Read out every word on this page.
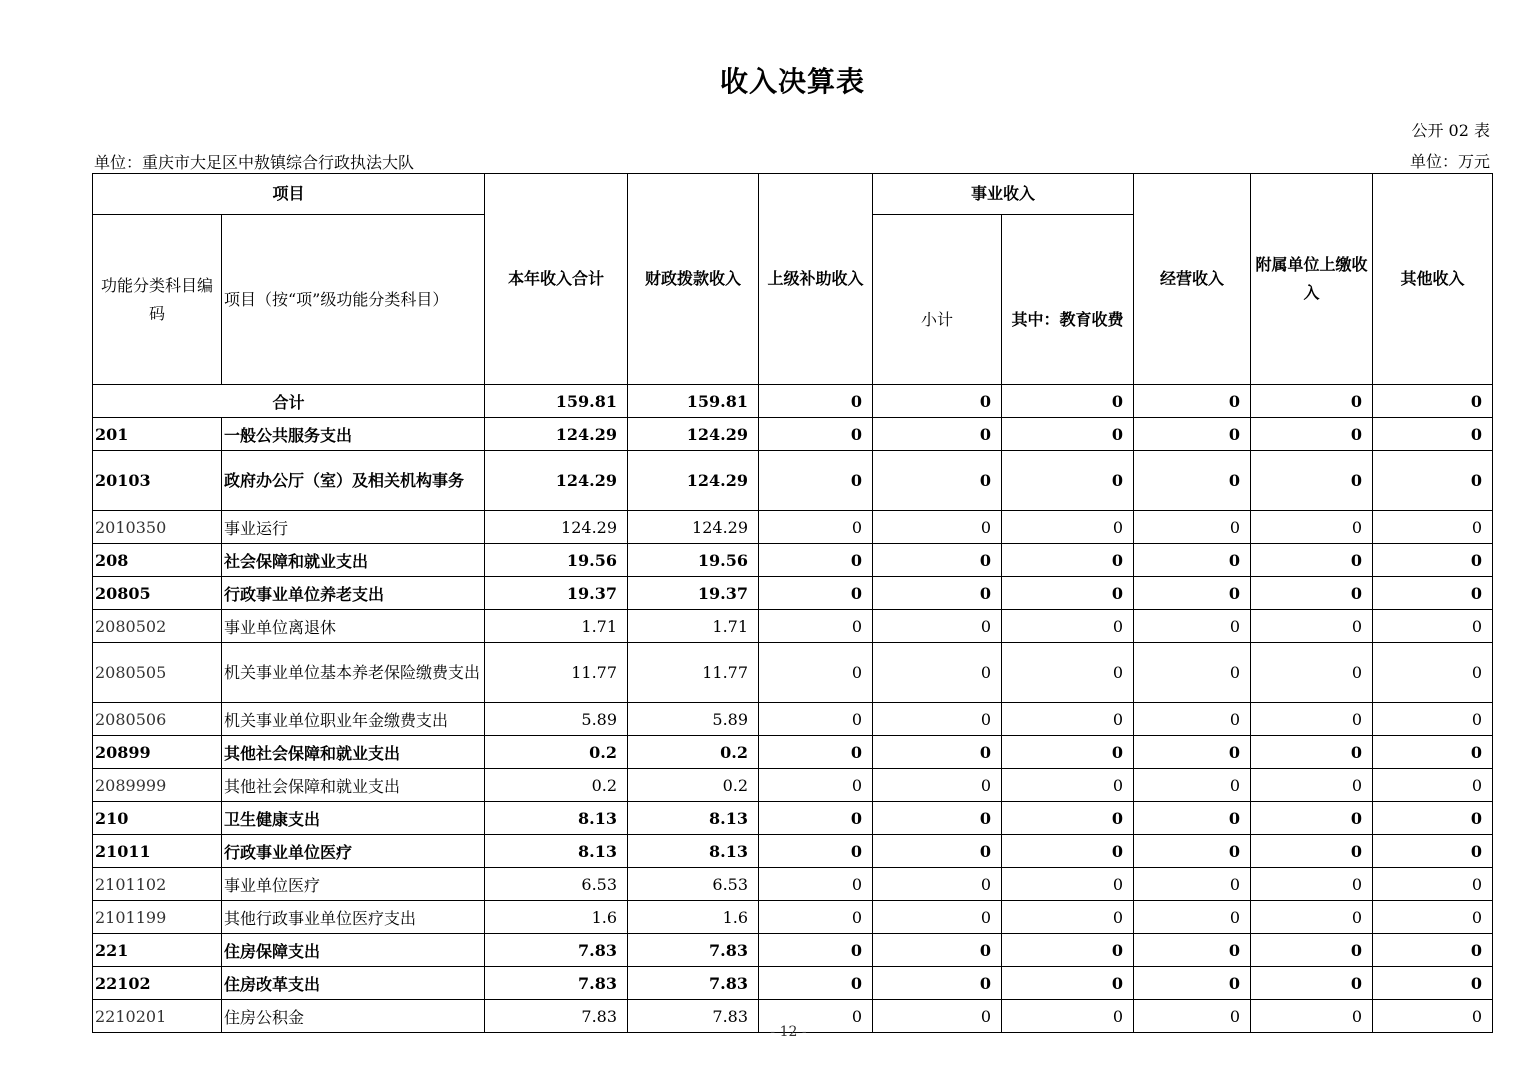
收入决算表
公开 02 表
单位：重庆市大足区中敖镇综合行政执法大队	单位：万元
项目		本年收入合计	财政拨款收入	上级补助收入	事业收入		经营收入	附属单位上缴收入	其他收入
功能分类科目编码	项目（按“项”级功能分类科目）				小计	其中：教育收费			
合计		159.81	159.81	0	0	0	0	0	0
201	一般公共服务支出	124.29	124.29	0	0	0	0	0	0
20103	政府办公厅（室）及相关机构事务	124.29	124.29	0	0	0	0	0	0
2010350	事业运行	124.29	124.29	0	0	0	0	0	0
208	社会保障和就业支出	19.56	19.56	0	0	0	0	0	0
20805	行政事业单位养老支出	19.37	19.37	0	0	0	0	0	0
2080502	事业单位离退休	1.71	1.71	0	0	0	0	0	0
2080505	机关事业单位基本养老保险缴费支出	11.77	11.77	0	0	0	0	0	0
2080506	机关事业单位职业年金缴费支出	5.89	5.89	0	0	0	0	0	0
20899	其他社会保障和就业支出	0.2	0.2	0	0	0	0	0	0
2089999	其他社会保障和就业支出	0.2	0.2	0	0	0	0	0	0
210	卫生健康支出	8.13	8.13	0	0	0	0	0	0
21011	行政事业单位医疗	8.13	8.13	0	0	0	0	0	0
2101102	事业单位医疗	6.53	6.53	0	0	0	0	0	0
2101199	其他行政事业单位医疗支出	1.6	1.6	0	0	0	0	0	0
221	住房保障支出	7.83	7.83	0	0	0	0	0	0
22102	住房改革支出	7.83	7.83	0	0	0	0	0	0
2210201	住房公积金	7.83	7.83	0	0	0	0	0	0
- 12 -
